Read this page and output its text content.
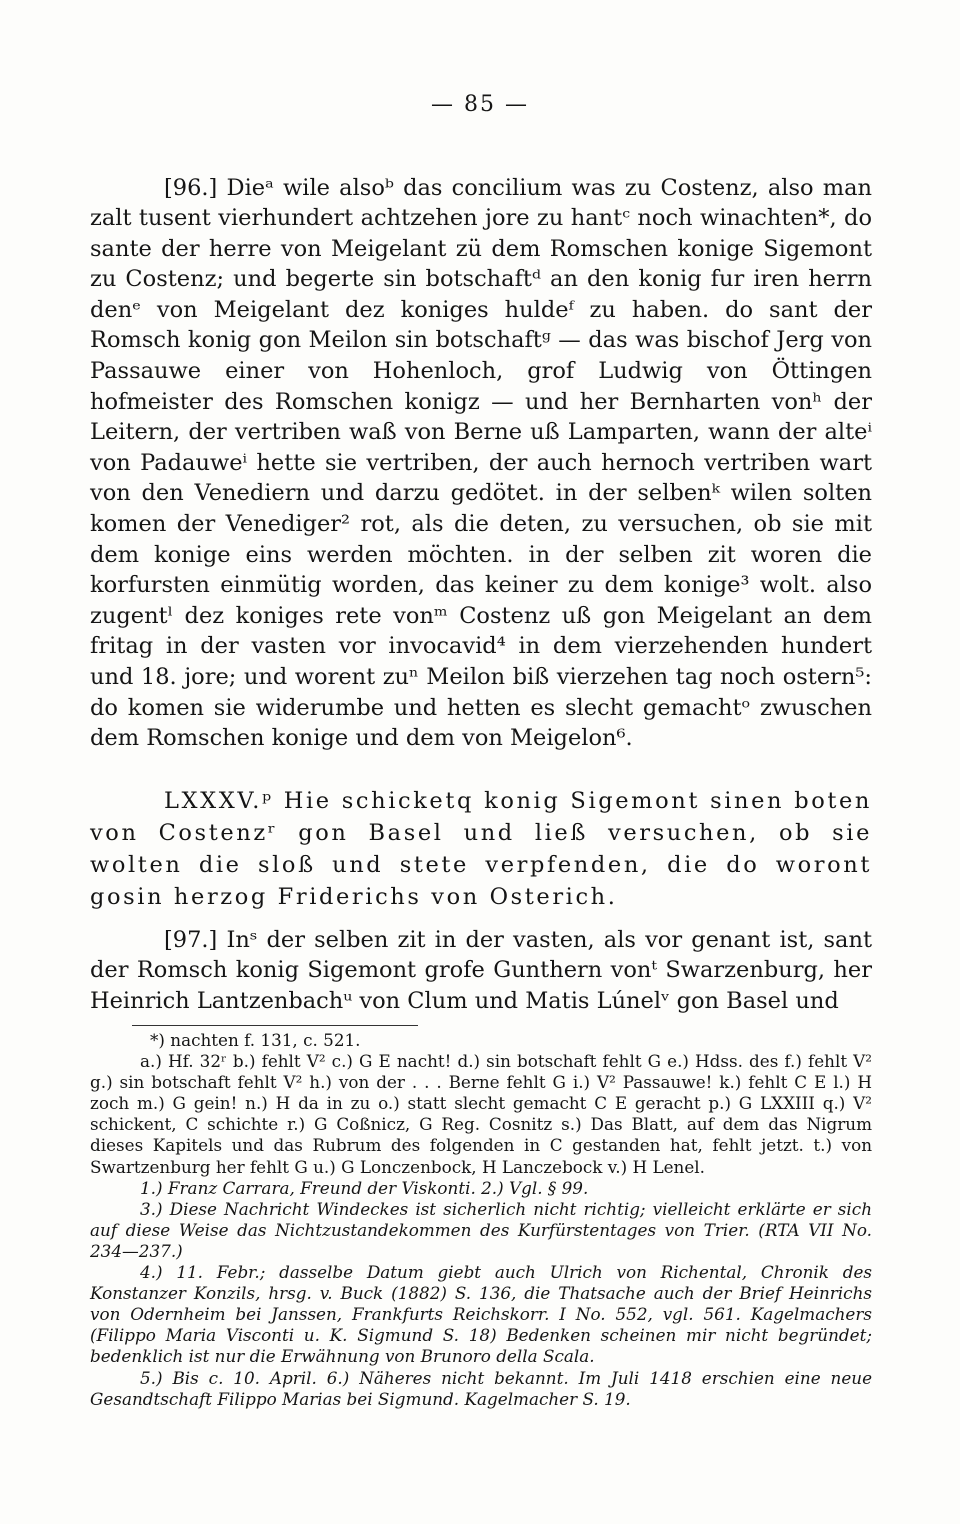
— 85 —

[96.] Dieᵃ wile alsoᵇ das concilium was zu Costenz, also man zalt tusent vierhundert achtzehen jore zu hantᶜ noch winachten*, do sante der herre von Meigelant zü dem Romschen konige Sigemont zu Costenz; und begerte sin botschaftᵈ an den konig fur iren herrn denᵉ von Meigelant dez koniges huldeᶠ zu haben. do sant der Romsch konig gon Meilon sin botschaftᵍ — das was bischof Jerg von Passauwe einer von Hohenloch, grof Ludwig von Öttingen hofmeister des Romschen konigz — und her Bernharten vonʰ der Leitern, der vertriben waß von Berne uß Lamparten, wann der alteⁱ von Padauweⁱ hette sie vertriben, der auch hernoch vertriben wart von den Venediern und darzu gedötet. in der selbenᵏ wilen solten komen der Venediger² rot, als die deten, zu versuchen, ob sie mit dem konige eins werden möchten. in der selben zit woren die korfursten einmütig worden, das keiner zu dem konige³ wolt. also zugentˡ dez koniges rete vonᵐ Costenz uß gon Meigelant an dem fritag in der vasten vor invocavid⁴ in dem vierzehenden hundert und 18. jore; und worent zuⁿ Meilon biß vierzehen tag noch ostern⁵: do komen sie widerumbe und hetten es slecht gemachtᵒ zwuschen dem Romschen konige und dem von Meigelon⁶.

LXXXV.ᵖ Hie schicketq konig Sigemont sinen boten von Costenzʳ gon Basel und ließ versuchen, ob sie wolten die sloß und stete verpfenden, die do woront gosin herzog Friderichs von Osterich.

[97.] Inˢ der selben zit in der vasten, als vor genant ist, sant der Romsch konig Sigemont grofe Gunthern vonᵗ Swarzenburg, her Heinrich Lantzenbachᵘ von Clum und Matis Lúnelᵛ gon Basel und

*) nachten f. 131, c. 521.

a.) Hf. 32ʳ b.) fehlt V² c.) G E nacht! d.) sin botschaft fehlt G e.) Hdss. des f.) fehlt V² g.) sin botschaft fehlt V² h.) von der . . . Berne fehlt G i.) V² Passauwe! k.) fehlt C E l.) H zoch m.) G gein! n.) H da in zu o.) statt slecht gemacht C E geracht p.) G LXXIII q.) V² schickent, C schichte r.) G Coßnicz, G Reg. Cosnitz s.) Das Blatt, auf dem das Nigrum dieses Kapitels und das Rubrum des folgenden in C gestanden hat, fehlt jetzt. t.) von Swartzenburg her fehlt G u.) G Lonczenbock, H Lanczebock v.) H Lenel.

1.) Franz Carrara, Freund der Viskonti. 2.) Vgl. § 99.

3.) Diese Nachricht Windeckes ist sicherlich nicht richtig; vielleicht erklärte er sich auf diese Weise das Nichtzustandekommen des Kurfürstentages von Trier. (RTA VII No. 234—237.)

4.) 11. Febr.; dasselbe Datum giebt auch Ulrich von Richental, Chronik des Konstanzer Konzils, hrsg. v. Buck (1882) S. 136, die Thatsache auch der Brief Heinrichs von Odernheim bei Janssen, Frankfurts Reichskorr. I No. 552, vgl. 561. Kagelmachers (Filippo Maria Visconti u. K. Sigmund S. 18) Bedenken scheinen mir nicht begründet; bedenklich ist nur die Erwähnung von Brunoro della Scala.

5.) Bis c. 10. April. 6.) Näheres nicht bekannt. Im Juli 1418 erschien eine neue Gesandtschaft Filippo Marias bei Sigmund. Kagelmacher S. 19.
